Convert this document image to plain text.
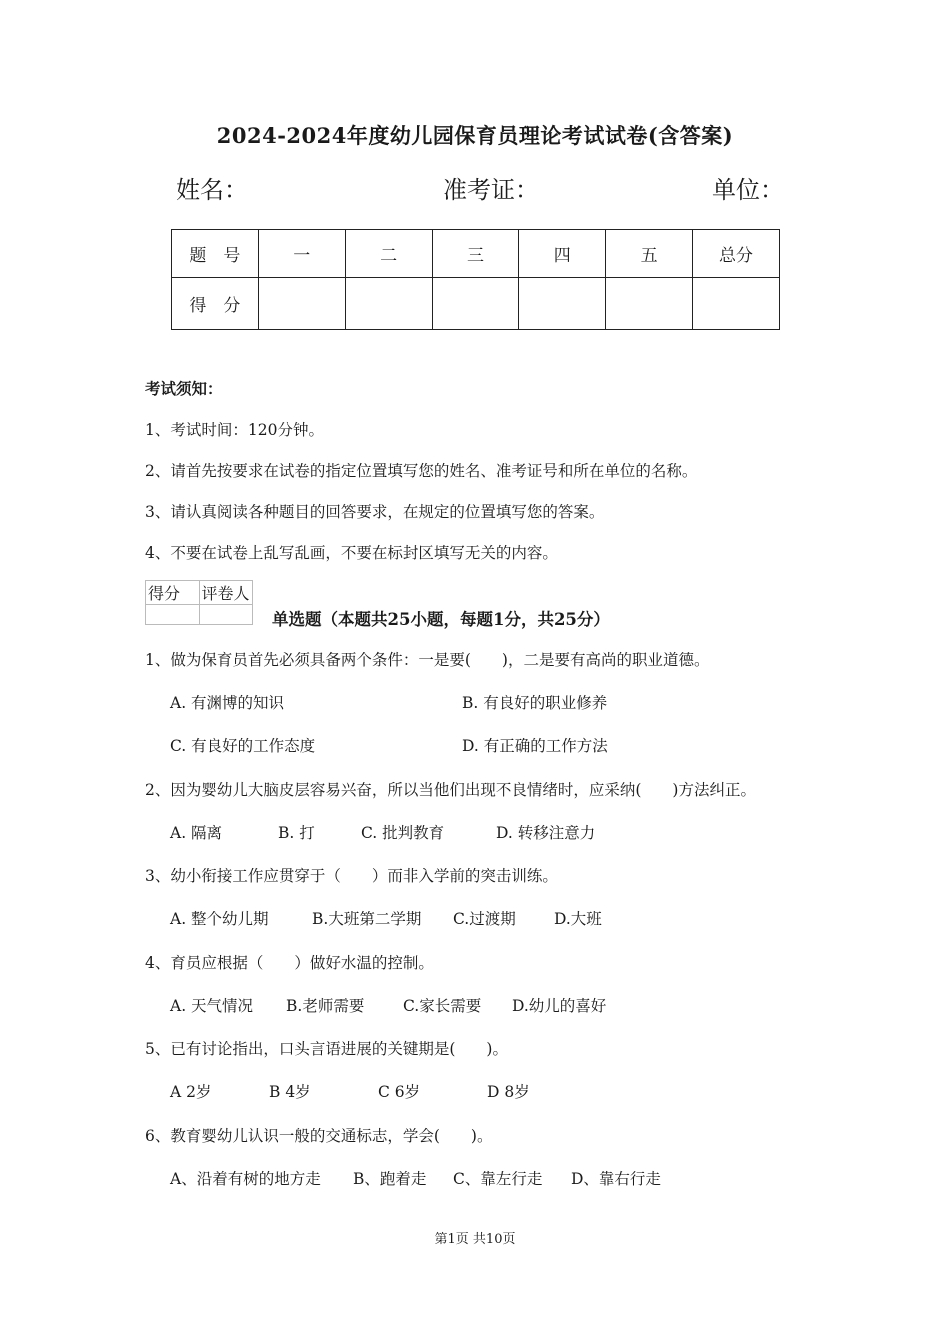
2024-2024年度幼儿园保育员理论考试试卷(含答案)
姓名：	准考证：	单位：
题　号	一	二	三	四	五	总分
得　分						
考试须知：
1、考试时间：120分钟。
2、请首先按要求在试卷的指定位置填写您的姓名、准考证号和所在单位的名称。
3、请认真阅读各种题目的回答要求，在规定的位置填写您的答案。
4、不要在试卷上乱写乱画，不要在标封区填写无关的内容。
得分	评卷人

单选题（本题共25小题，每题1分，共25分）
1、做为保育员首先必须具备两个条件：一是要(　　)，二是要有高尚的职业道德。
A. 有渊博的知识	B. 有良好的职业修养
C. 有良好的工作态度	D. 有正确的工作方法
2、因为婴幼儿大脑皮层容易兴奋，所以当他们出现不良情绪时，应采纳(　　)方法纠正。
A. 隔离	B. 打	C. 批判教育	D. 转移注意力
3、幼小衔接工作应贯穿于（　　）而非入学前的突击训练。
A. 整个幼儿期	B.大班第二学期 C.过渡期 D.大班
4、育员应根据（　　）做好水温的控制。
A. 天气情况 B.老师需要 C.家长需要 D.幼儿的喜好
5、已有讨论指出，口头言语进展的关键期是(　　)。
A 2岁	B 4岁	C 6岁	D 8岁
6、教育婴幼儿认识一般的交通标志，学会(　　)。
A、沿着有树的地方走 B、跑着走 C、靠左行走 D、靠右行走
第1页 共10页
